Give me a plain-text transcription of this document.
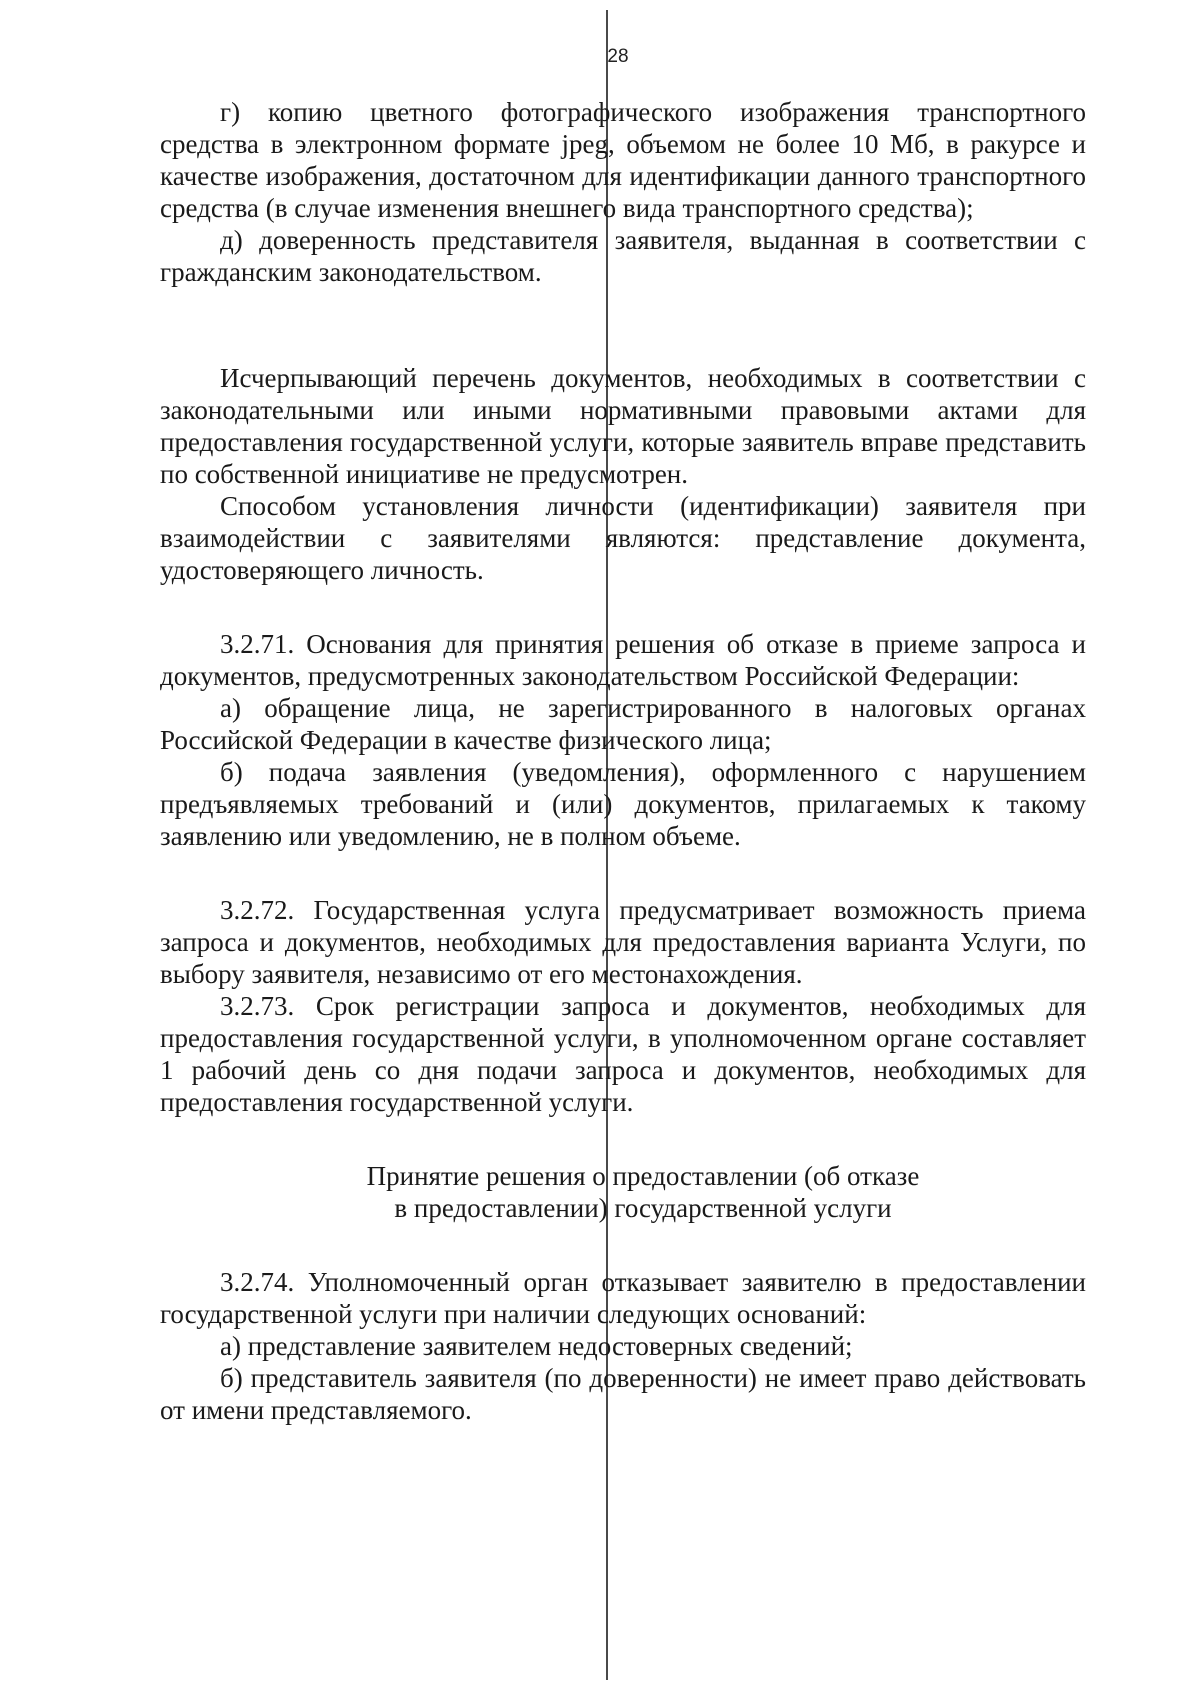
28

г) копию цветного фотографического изображения транспортного средства в электронном формате jpeg, объемом не более 10 Мб, в ракурсе и качестве изображения, достаточном для идентификации данного транспортного средства (в случае изменения внешнего вида транспортного средства);

д) доверенность представителя заявителя, выданная в соответствии с гражданским законодательством.

Исчерпывающий перечень документов, необходимых в соответствии с законодательными или иными нормативными правовыми актами для предоставления государственной услуги, которые заявитель вправе представить по собственной инициативе не предусмотрен.

Способом установления личности (идентификации) заявителя при взаимодействии с заявителями являются: представление документа, удостоверяющего личность.

3.2.71. Основания для принятия решения об отказе в приеме запроса и документов, предусмотренных законодательством Российской Федерации:

а) обращение лица, не зарегистрированного в налоговых органах Российской Федерации в качестве физического лица;

б) подача заявления (уведомления), оформленного с нарушением предъявляемых требований и (или) документов, прилагаемых к такому заявлению или уведомлению, не в полном объеме.

3.2.72. Государственная услуга предусматривает возможность приема запроса и документов, необходимых для предоставления варианта Услуги, по выбору заявителя, независимо от его местонахождения.

3.2.73. Срок регистрации запроса и документов, необходимых для предоставления государственной услуги, в уполномоченном органе составляет 1 рабочий день со дня подачи запроса и документов, необходимых для предоставления государственной услуги.

Принятие решения о предоставлении (об отказе

в предоставлении) государственной услуги

3.2.74. Уполномоченный орган отказывает заявителю в предоставлении государственной услуги при наличии следующих оснований:

а) представление заявителем недостоверных сведений;

б) представитель заявителя (по доверенности) не имеет право действовать от имени представляемого.
